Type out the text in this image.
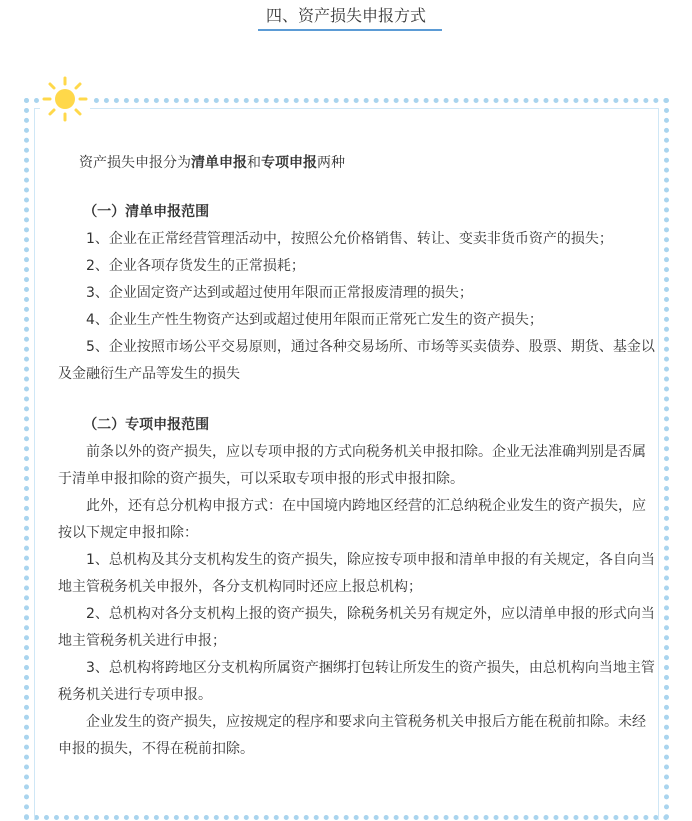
四、资产损失申报方式
资产损失申报分为清单申报和专项申报两种
（一）清单申报范围
1、企业在正常经营管理活动中，按照公允价格销售、转让、变卖非货币资产的损失；
2、企业各项存货发生的正常损耗；
3、企业固定资产达到或超过使用年限而正常报废清理的损失；
4、企业生产性生物资产达到或超过使用年限而正常死亡发生的资产损失；
5、企业按照市场公平交易原则，通过各种交易场所、市场等买卖债券、股票、期货、基金以及金融衍生产品等发生的损失
（二）专项申报范围
前条以外的资产损失，应以专项申报的方式向税务机关申报扣除。企业无法准确判别是否属于清单申报扣除的资产损失，可以采取专项申报的形式申报扣除。
此外，还有总分机构申报方式：在中国境内跨地区经营的汇总纳税企业发生的资产损失，应按以下规定申报扣除：
1、总机构及其分支机构发生的资产损失，除应按专项申报和清单申报的有关规定，各自向当地主管税务机关申报外，各分支机构同时还应上报总机构；
2、总机构对各分支机构上报的资产损失，除税务机关另有规定外，应以清单申报的形式向当地主管税务机关进行申报；
3、总机构将跨地区分支机构所属资产捆绑打包转让所发生的资产损失，由总机构向当地主管税务机关进行专项申报。
企业发生的资产损失，应按规定的程序和要求向主管税务机关申报后方能在税前扣除。未经申报的损失，不得在税前扣除。
